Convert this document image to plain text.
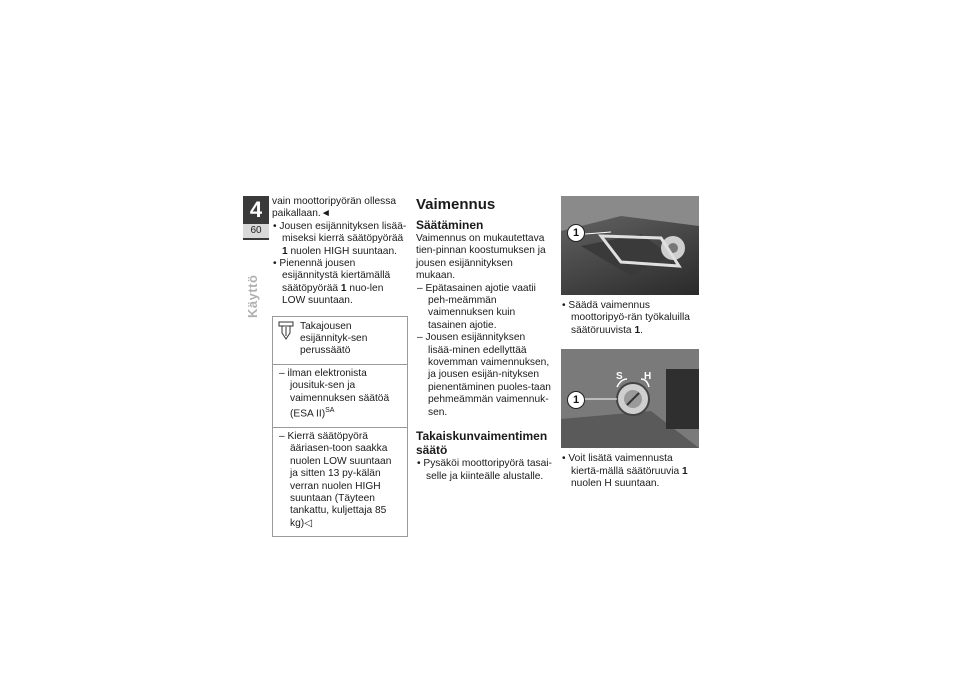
4
60
Käyttö

vain moottoripyörän ollessa paikallaan.◄

• Jousen esijännityksen lisää-miseksi kierrä säätöpyörää 1 nuolen HIGH suuntaan.

• Pienennä jousen esijännitystä kiertämällä säätöpyörää 1 nuo-len LOW suuntaan.

Takajousen esijännityk-sen perussäätö

– ilman elektronista jousituk-sen ja vaimennuksen säätöä (ESA II)$^{SA}$

– Kierrä säätöpyörä ääriasen-toon saakka nuolen LOW suuntaan ja sitten 13 py-kälän verran nuolen HIGH suuntaan (Täyteen tankattu, kuljettaja 85 kg)◁

Vaimennus

Säätäminen

Vaimennus on mukautettava tien-pinnan koostumuksen ja jousen esijännityksen mukaan.

– Epätasainen ajotie vaatii peh-meämmän vaimennuksen kuin tasainen ajotie.

– Jousen esijännityksen lisää-minen edellyttää kovemman vaimennuksen, ja jousen esijän-nityksen pienentäminen puoles-taan pehmeämmän vaimennuk-sen.

Takaiskunvaimentimen säätö

• Pysäköi moottoripyörä tasai-selle ja kiinteälle alustalle.

1

• Säädä vaimennus moottoripyö-rän työkaluilla säätöruuvista 1.

S H
1

• Voit lisätä vaimennusta kiertä-mällä säätöruuvia 1 nuolen H suuntaan.
